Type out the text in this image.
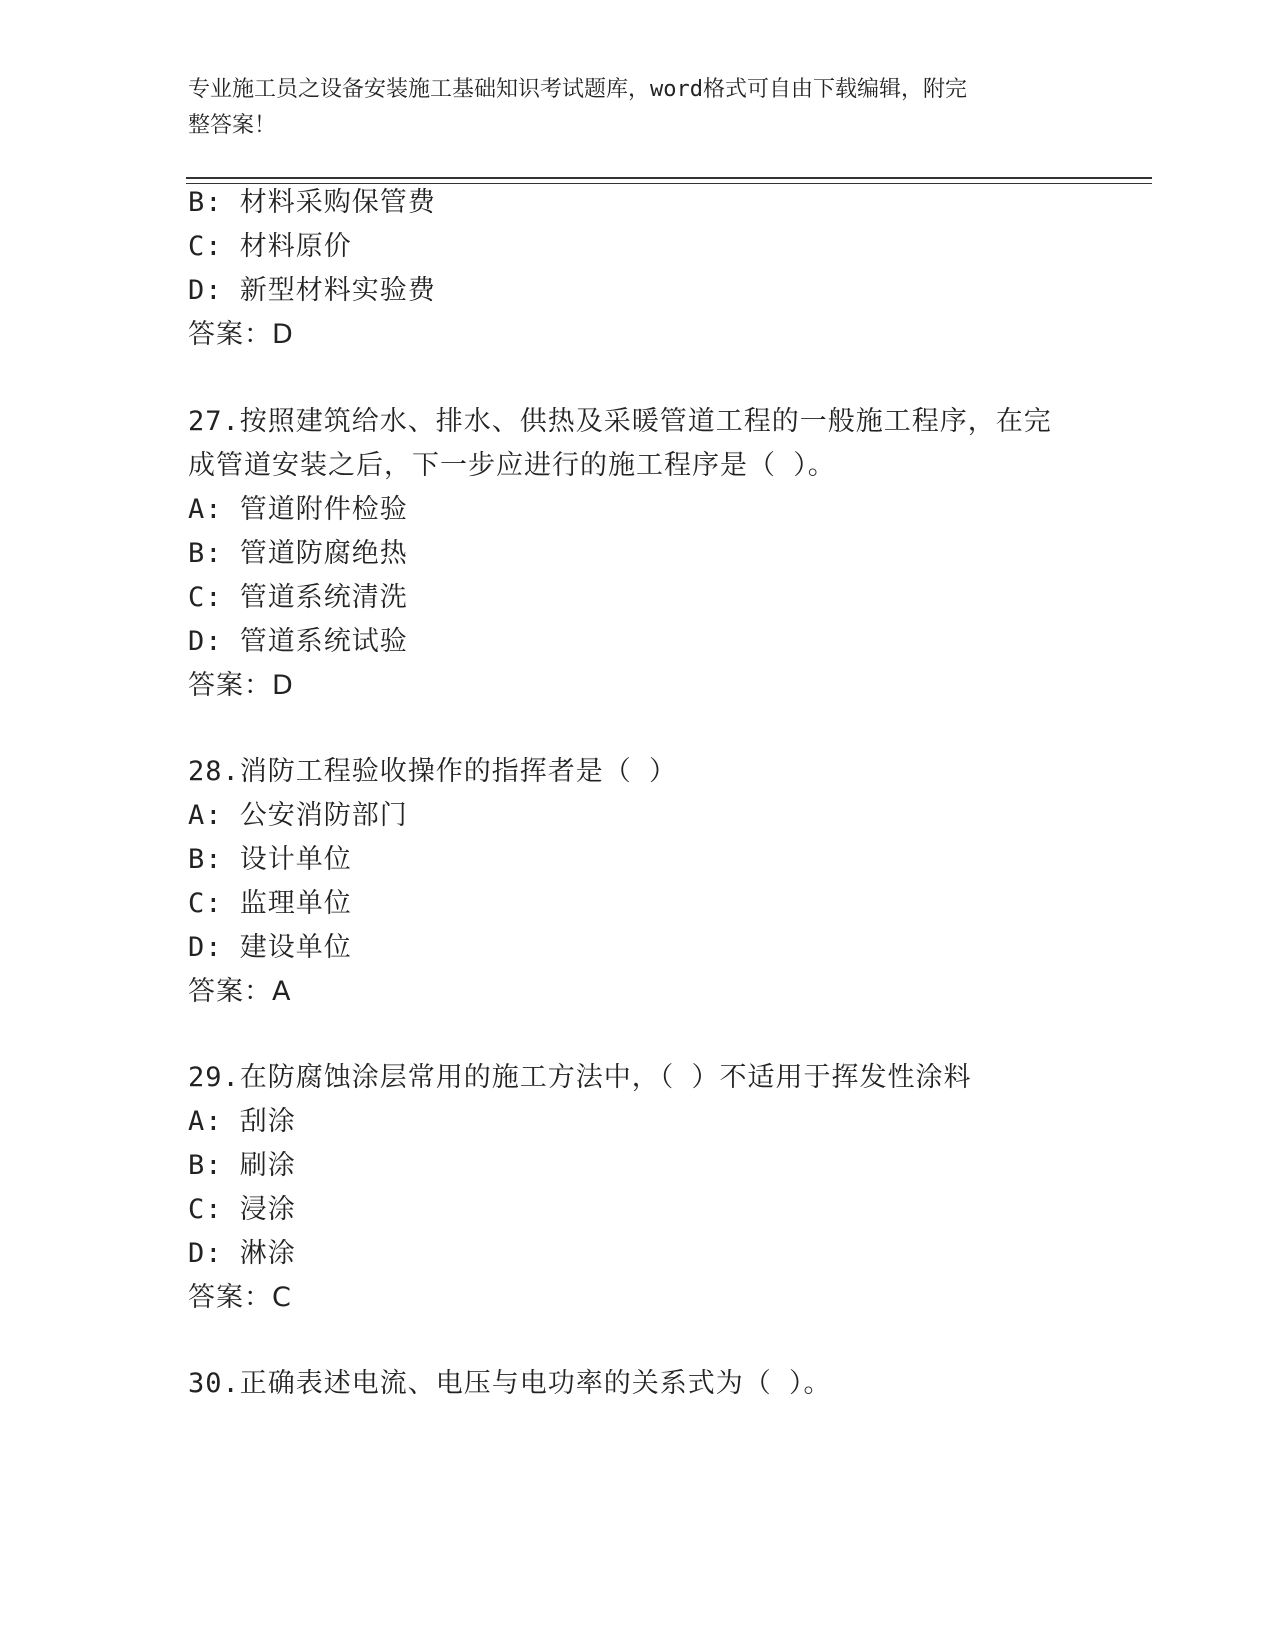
专业施工员之设备安装施工基础知识考试题库，word格式可自由下载编辑，附完
整答案！
B: 材料采购保管费
C: 材料原价
D: 新型材料实验费
答案：D
27.按照建筑给水、排水、供热及采暖管道工程的一般施工程序，在完
成管道安装之后，下一步应进行的施工程序是（ ）。
A: 管道附件检验
B: 管道防腐绝热
C: 管道系统清洗
D: 管道系统试验
答案：D
28.消防工程验收操作的指挥者是（ ）
A: 公安消防部门
B: 设计单位
C: 监理单位
D: 建设单位
答案：A
29.在防腐蚀涂层常用的施工方法中，（ ）不适用于挥发性涂料
A: 刮涂
B: 刷涂
C: 浸涂
D: 淋涂
答案：C
30.正确表述电流、电压与电功率的关系式为（ ）。
